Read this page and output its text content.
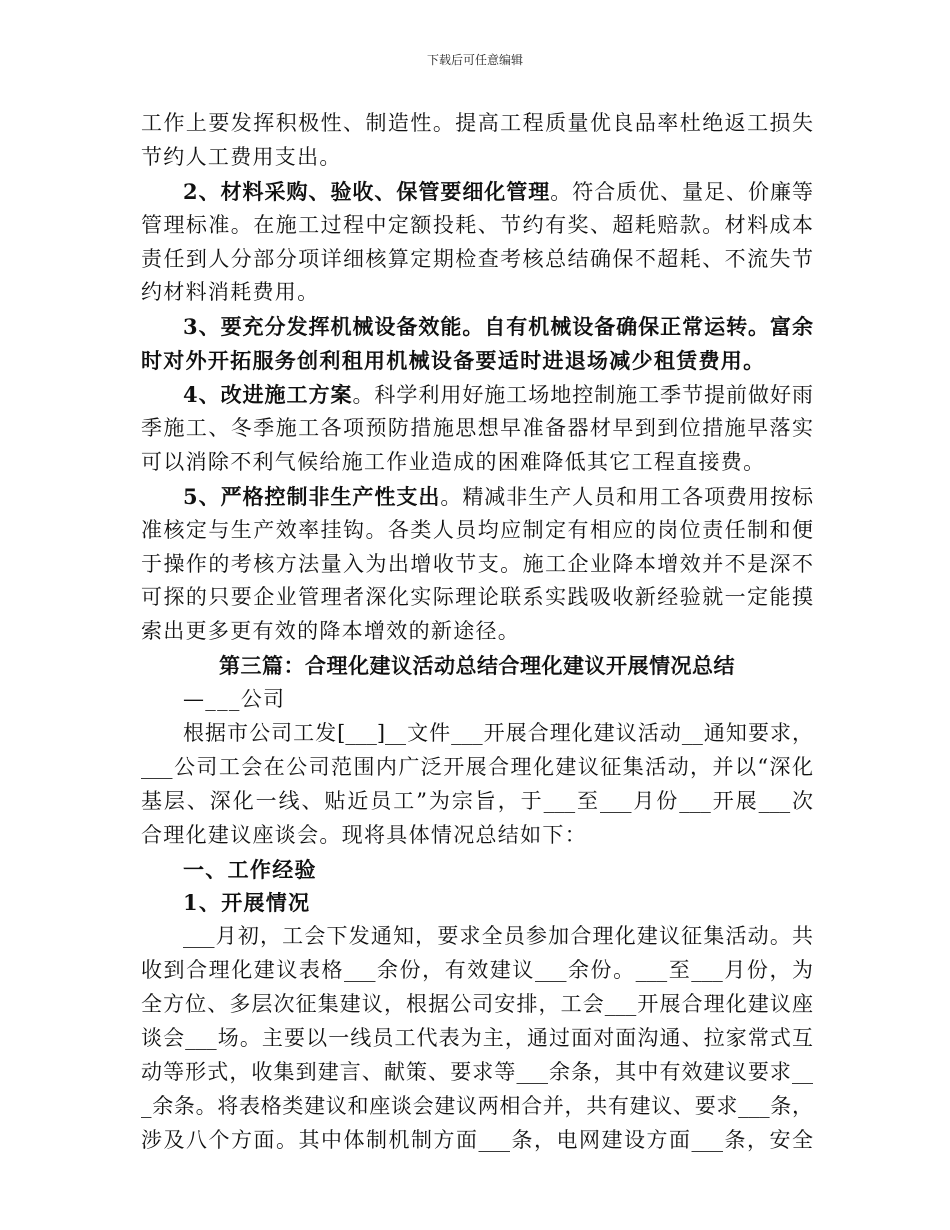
下载后可任意编辑
工作上要发挥积极性、制造性。提高工程质量优良品率杜绝返工损失
节约人工费用支出。
2、材料采购、验收、保管要细化管理。符合质优、量足、价廉等
管理标准。在施工过程中定额投耗、节约有奖、超耗赔款。材料成本
责任到人分部分项详细核算定期检查考核总结确保不超耗、不流失节
约材料消耗费用。
3、要充分发挥机械设备效能。自有机械设备确保正常运转。富余
时对外开拓服务创利租用机械设备要适时进退场减少租赁费用。
4、改进施工方案。科学利用好施工场地控制施工季节提前做好雨
季施工、冬季施工各项预防措施思想早准备器材早到到位措施早落实
可以消除不利气候给施工作业造成的困难降低其它工程直接费。
5、严格控制非生产性支出。精减非生产人员和用工各项费用按标
准核定与生产效率挂钩。各类人员均应制定有相应的岗位责任制和便
于操作的考核方法量入为出增收节支。施工企业降本增效并不是深不
可探的只要企业管理者深化实际理论联系实践吸收新经验就一定能摸
索出更多更有效的降本增效的新途径。
第三篇：合理化建议活动总结合理化建议开展情况总结
—___公司
根据市公司工发[___]__文件___开展合理化建议活动__通知要求，
___公司工会在公司范围内广泛开展合理化建议征集活动，并以“深化
基层、深化一线、贴近员工”为宗旨，于___至___月份___开展___次
合理化建议座谈会。现将具体情况总结如下：
一、工作经验
1、开展情况
___月初，工会下发通知，要求全员参加合理化建议征集活动。共
收到合理化建议表格___余份，有效建议___余份。___至___月份，为
全方位、多层次征集建议，根据公司安排，工会___开展合理化建议座
谈会___场。主要以一线员工代表为主，通过面对面沟通、拉家常式互
动等形式，收集到建言、献策、要求等___余条，其中有效建议要求__
_余条。将表格类建议和座谈会建议两相合并，共有建议、要求___条，
涉及八个方面。其中体制机制方面___条，电网建设方面___条，安全
